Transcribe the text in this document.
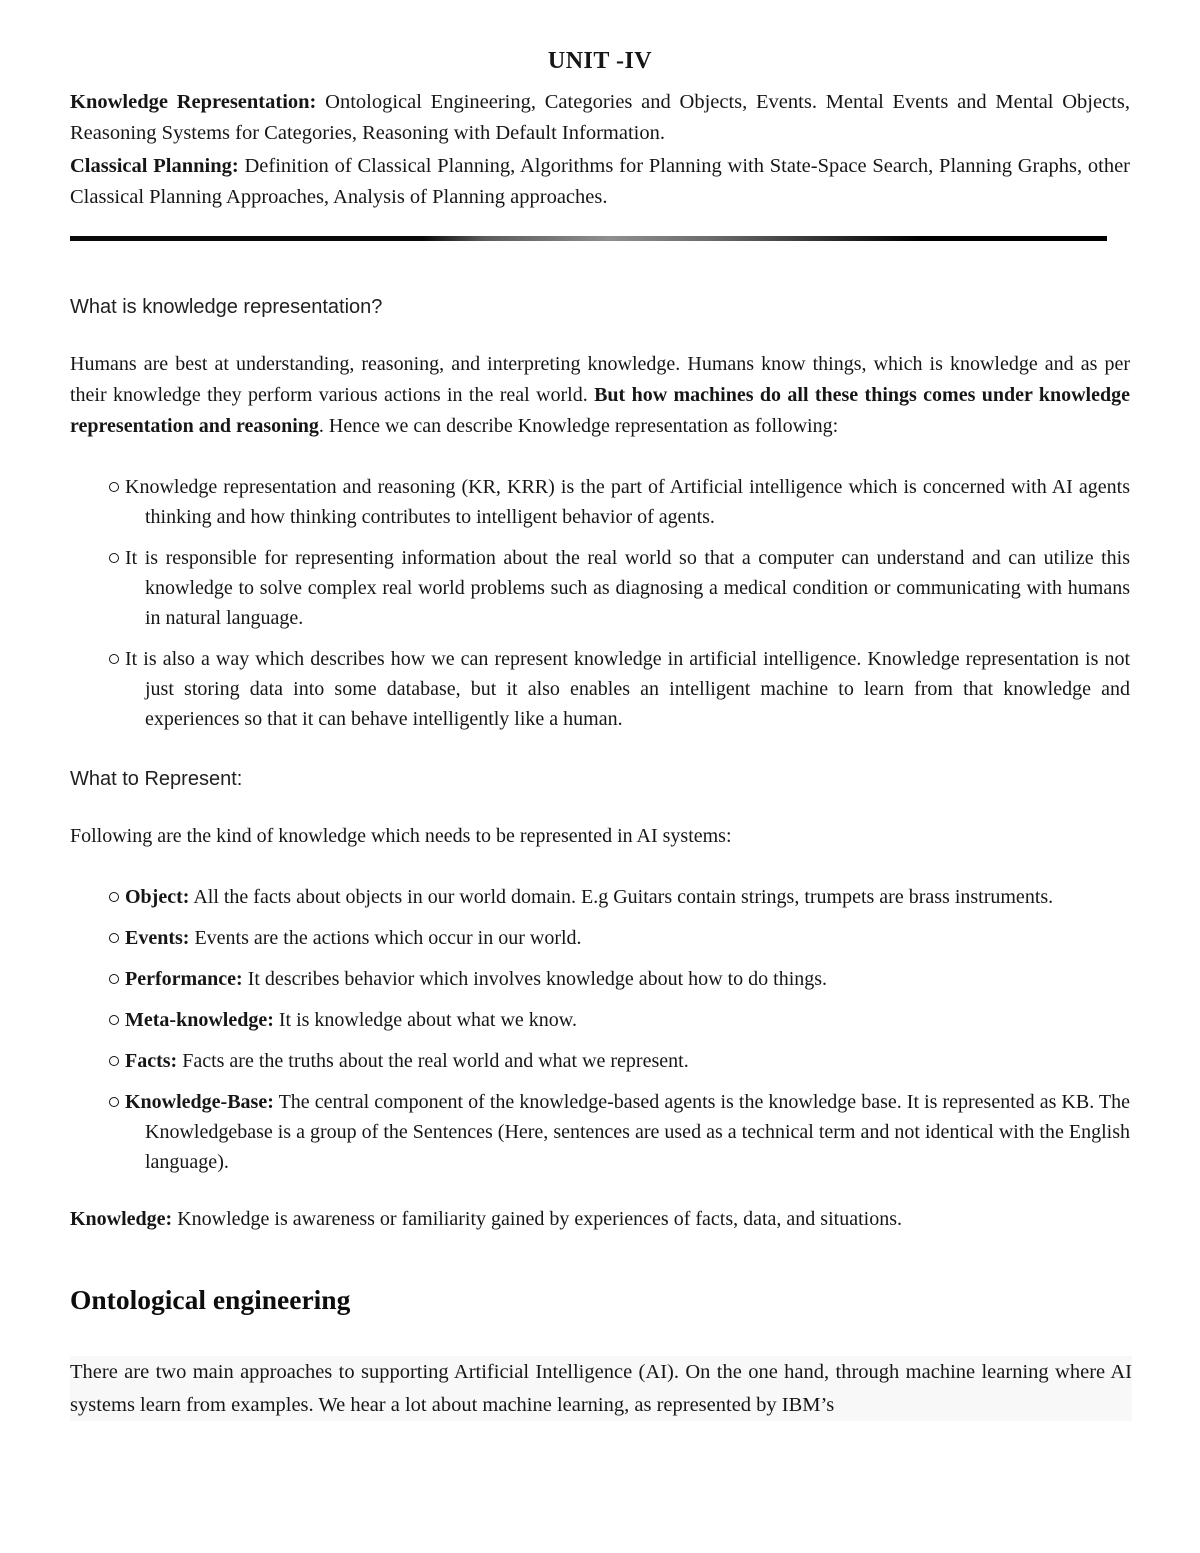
UNIT -IV

Knowledge Representation: Ontological Engineering, Categories and Objects, Events. Mental Events and Mental Objects, Reasoning Systems for Categories, Reasoning with Default Information.

Classical Planning: Definition of Classical Planning, Algorithms for Planning with State-Space Search, Planning Graphs, other Classical Planning Approaches, Analysis of Planning approaches.

What is knowledge representation?

Humans are best at understanding, reasoning, and interpreting knowledge. Humans know things, which is knowledge and as per their knowledge they perform various actions in the real world. But how machines do all these things comes under knowledge representation and reasoning. Hence we can describe Knowledge representation as following:

Knowledge representation and reasoning (KR, KRR) is the part of Artificial intelligence which is concerned with AI agents thinking and how thinking contributes to intelligent behavior of agents.
It is responsible for representing information about the real world so that a computer can understand and can utilize this knowledge to solve complex real world problems such as diagnosing a medical condition or communicating with humans in natural language.
It is also a way which describes how we can represent knowledge in artificial intelligence. Knowledge representation is not just storing data into some database, but it also enables an intelligent machine to learn from that knowledge and experiences so that it can behave intelligently like a human.
What to Represent:

Following are the kind of knowledge which needs to be represented in AI systems:

Object: All the facts about objects in our world domain. E.g Guitars contain strings, trumpets are brass instruments.
Events: Events are the actions which occur in our world.
Performance: It describes behavior which involves knowledge about how to do things.
Meta-knowledge: It is knowledge about what we know.
Facts: Facts are the truths about the real world and what we represent.
Knowledge-Base: The central component of the knowledge-based agents is the knowledge base. It is represented as KB. The Knowledgebase is a group of the Sentences (Here, sentences are used as a technical term and not identical with the English language).

Knowledge: Knowledge is awareness or familiarity gained by experiences of facts, data, and situations.

Ontological engineering

There are two main approaches to supporting Artificial Intelligence (AI). On the one hand, through machine learning where AI systems learn from examples. We hear a lot about machine learning, as represented by IBM’s
